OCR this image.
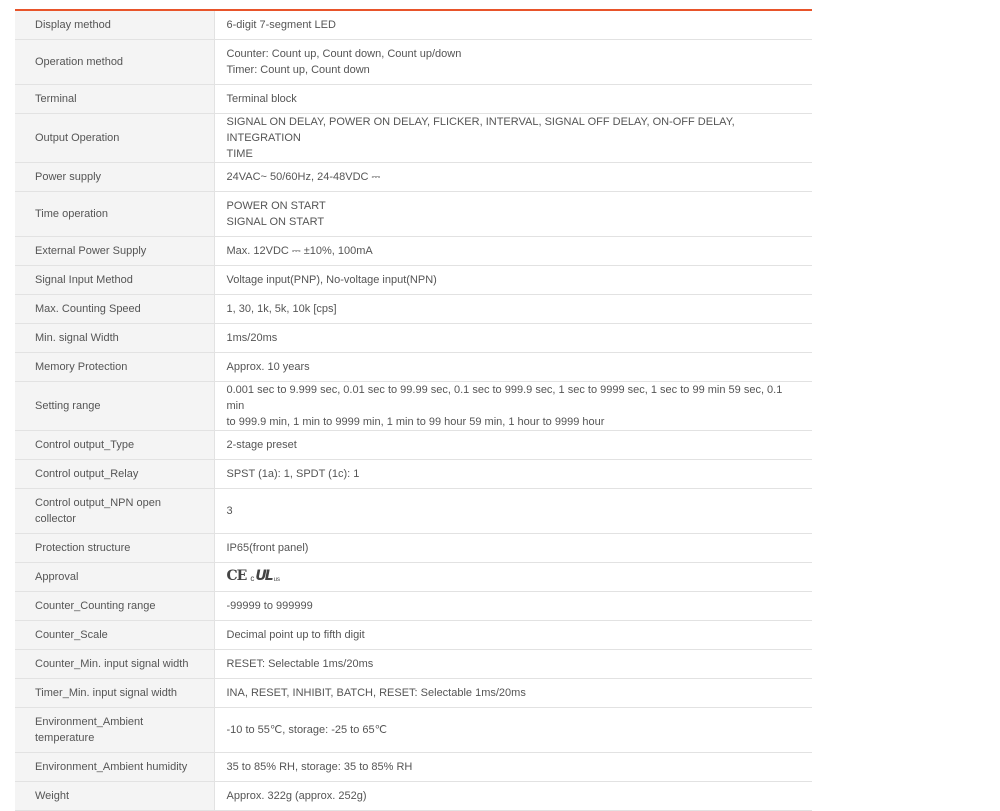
Display method	6-digit 7-segment LED

Operation method	Counter: Count up, Count down, Count up/down
Timer: Count up, Count down

Terminal	Terminal block

Output Operation	SIGNAL ON DELAY, POWER ON DELAY, FLICKER, INTERVAL, SIGNAL OFF DELAY, ON-OFF DELAY, INTEGRATION
TIME

Power supply	24VAC~ 50/60Hz, 24-48VDC ⎓

Time operation	POWER ON START
SIGNAL ON START

External Power Supply	Max. 12VDC ⎓ ±10%, 100mA

Signal Input Method	Voltage input(PNP), No-voltage input(NPN)

Max. Counting Speed	1, 30, 1k, 5k, 10k [cps]

Min. signal Width	1ms/20ms

Memory Protection	Approx. 10 years

Setting range	0.001 sec to 9.999 sec, 0.01 sec to 99.99 sec, 0.1 sec to 999.9 sec, 1 sec to 9999 sec, 1 sec to 99 min 59 sec, 0.1 min
to 999.9 min, 1 min to 9999 min, 1 min to 99 hour 59 min, 1 hour to 9999 hour

Control output_Type	2-stage preset

Control output_Relay	SPST (1a): 1, SPDT (1c): 1

Control output_NPN open collector	3

Protection structure	IP65(front panel)

Approval	CE c UL us

Counter_Counting range	-99999 to 999999

Counter_Scale	Decimal point up to fifth digit

Counter_Min. input signal width	RESET: Selectable 1ms/20ms

Timer_Min. input signal width	INA, RESET, INHIBIT, BATCH, RESET: Selectable 1ms/20ms

Environment_Ambient temperature	-10 to 55℃, storage: -25 to 65℃

Environment_Ambient humidity	35 to 85% RH, storage: 35 to 85% RH

Weight	Approx. 322g (approx. 252g)
